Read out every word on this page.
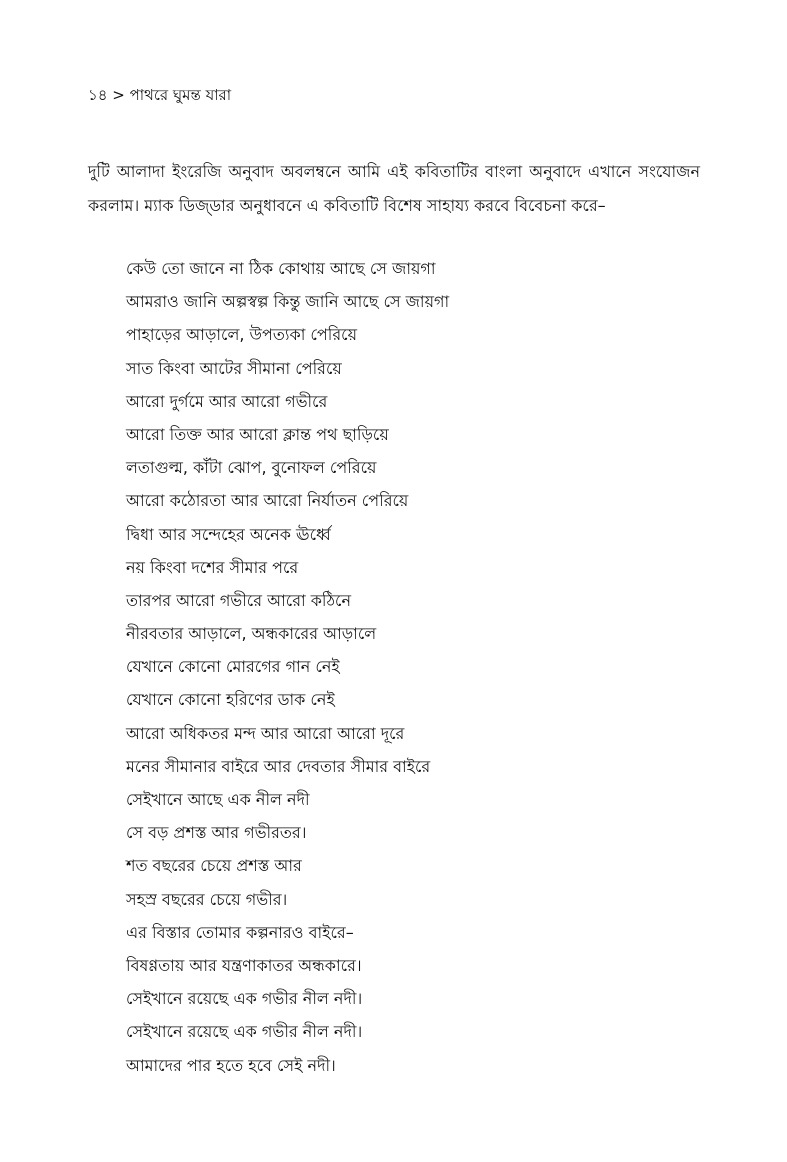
১৪ > পাথরে ঘুমন্ত যারা
দুটি আলাদা ইংরেজি অনুবাদ অবলম্বনে আমি এই কবিতাটির বাংলা অনুবাদে এখানে সংযোজন করলাম। ম্যাক ডিজ্‌ডার অনুধাবনে এ কবিতাটি বিশেষ সাহায্য করবে বিবেচনা করে–
কেউ তো জানে না ঠিক কোথায় আছে সে জায়গা
আমরাও জানি অল্পস্বল্প কিন্তু জানি আছে সে জায়গা
পাহাড়ের আড়ালে, উপত্যকা পেরিয়ে
সাত কিংবা আটের সীমানা পেরিয়ে
আরো দুর্গমে আর আরো গভীরে
আরো তিক্ত আর আরো ক্লান্ত পথ ছাড়িয়ে
লতাগুল্ম, কাঁটা ঝোপ, বুনোফল পেরিয়ে
আরো কঠোরতা আর আরো নির্যাতন পেরিয়ে
দ্বিধা আর সন্দেহের অনেক ঊর্ধ্বে
নয় কিংবা দশের সীমার পরে
তারপর আরো গভীরে আরো কঠিনে
নীরবতার আড়ালে, অন্ধকারের আড়ালে
যেখানে কোনো মোরগের গান নেই
যেখানে কোনো হরিণের ডাক নেই
আরো অধিকতর মন্দ আর আরো আরো দূরে
মনের সীমানার বাইরে আর দেবতার সীমার বাইরে
সেইখানে আছে এক নীল নদী
সে বড় প্রশস্ত আর গভীরতর।
শত বছরের চেয়ে প্রশস্ত আর
সহস্র বছরের চেয়ে গভীর।
এর বিস্তার তোমার কল্পনারও বাইরে–
বিষণ্ণতায় আর যন্ত্রণাকাতর অন্ধকারে।
সেইখানে রয়েছে এক গভীর নীল নদী।
সেইখানে রয়েছে এক গভীর নীল নদী।
আমাদের পার হতে হবে সেই নদী।
